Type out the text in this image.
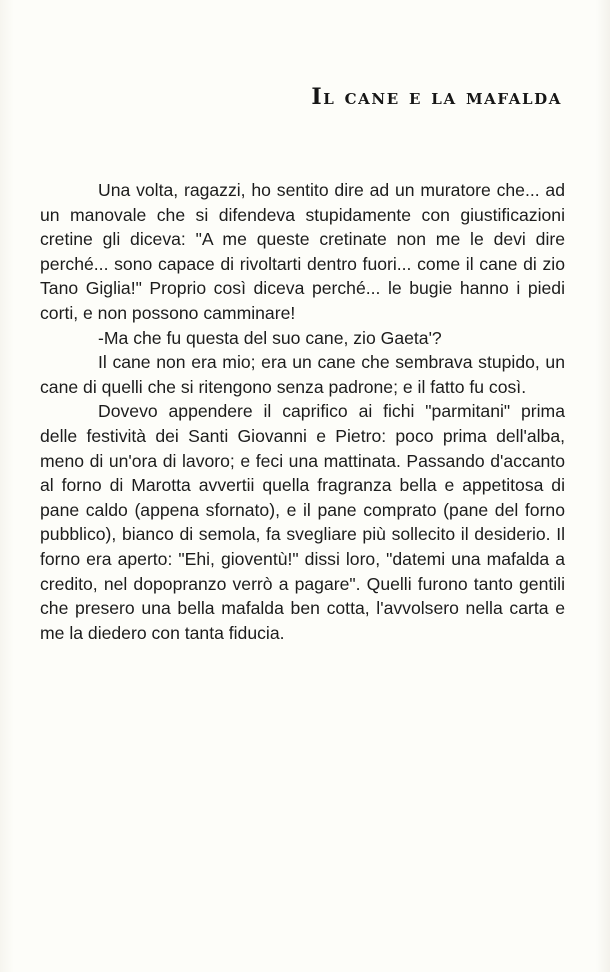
Il cane e la mafalda

Una volta, ragazzi, ho sentito dire ad un muratore che... ad un manovale che si difendeva stupidamente con giustificazioni cretine gli diceva: "A me queste cretinate non me le devi dire perché... sono capace di rivoltarti dentro fuori... come il cane di zio Tano Giglia!" Proprio così diceva perché... le bugie hanno i piedi corti, e non possono camminare!

-Ma che fu questa del suo cane, zio Gaeta'?

Il cane non era mio; era un cane che sembrava stupido, un cane di quelli che si ritengono senza padrone; e il fatto fu così.

Dovevo appendere il caprifico ai fichi "parmitani" prima delle festività dei Santi Giovanni e Pietro: poco prima dell'alba, meno di un'ora di lavoro; e feci una mattinata. Passando d'accanto al forno di Marotta avvertii quella fragranza bella e appetitosa di pane caldo (appena sfornato), e il pane comprato (pane del forno pubblico), bianco di semola, fa svegliare più sollecito il desiderio. Il forno era aperto: "Ehi, gioventù!" dissi loro, "datemi una mafalda a credito, nel dopopranzo verrò a pagare". Quelli furono tanto gentili che presero una bella mafalda ben cotta, l'avvolsero nella carta e me la diedero con tanta fiducia.
